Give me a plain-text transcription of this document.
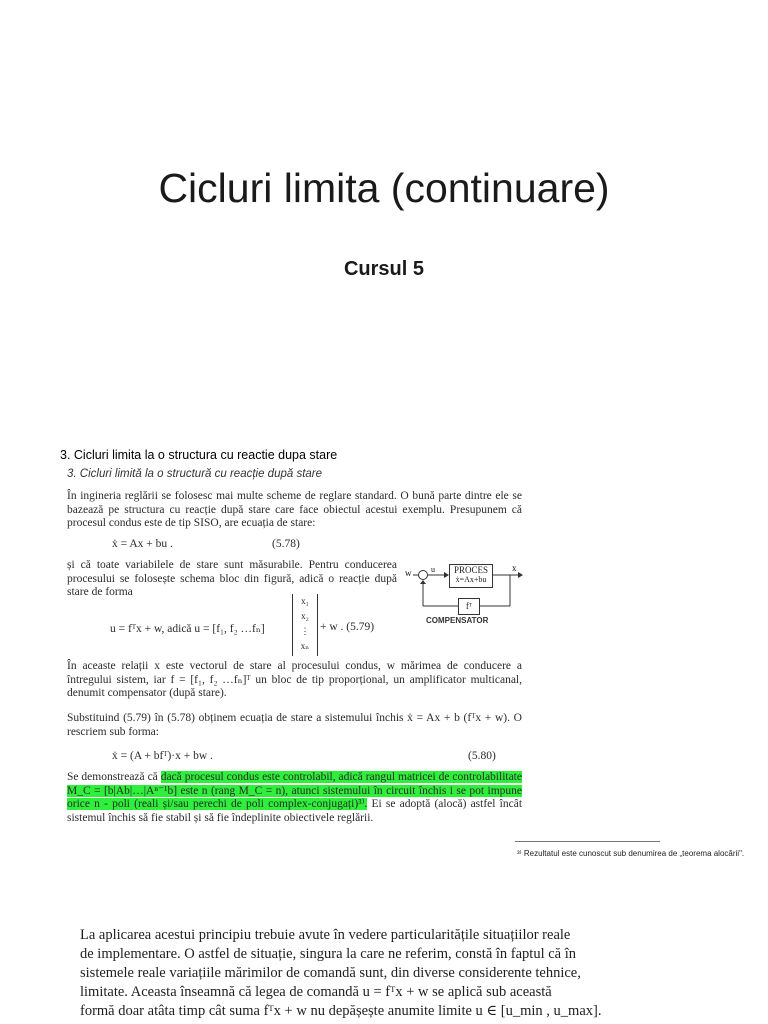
Cicluri limita (continuare)
Cursul 5
3. Cicluri limita la o structura cu reactie dupa stare
3. Cicluri limită la o structură cu reacție după stare
În ingineria reglării se folosesc mai multe scheme de reglare standard. O bună parte dintre ele se bazează pe structura cu reacție după stare care face obiectul acestui exemplu. Presupunem că procesul condus este de tip SISO, are ecuația de stare:
ẋ = Ax + bu .	(5.78)
și că toate variabilele de stare sunt măsurabile. Pentru conducerea procesului se folosește schema bloc din figură, adică o reacție după stare de forma
u = fᵀx + w, adică u = [f₁, f₂ …fₙ]
x₁
x₂
⋮
xₙ
+ w . (5.79)
w u	x
PROCES
ẋ=Ax+bu
fᵀ
COMPENSATOR
În aceaste relații x este vectorul de stare al procesului condus, w mărimea de conducere a întregului sistem, iar f = [f₁, f₂ …fₙ]ᵀ un bloc de tip proporțional, un amplificator multicanal, denumit compensator (după stare).
Substituind (5.79) în (5.78) obținem ecuația de stare a sistemului închis ẋ = Ax + b (fᵀx + w). O rescriem sub forma:
ẋ = (A + bfᵀ)·x + bw .	(5.80)
Se demonstrează că dacă procesul condus este controlabil, adică rangul matricei de controlabilitate M_C = [b|Ab|…|Aⁿ⁻¹b] este n (rang M_C = n), atunci sistemului în circuit închis i se pot impune orice n - poli (reali și/sau perechi de poli complex-conjugați)³⁾. Ei se adoptă (alocă) astfel încât sistemul închis să fie stabil și să fie îndeplinite obiectivele reglării.
³⁾ Rezultatul este cunoscut sub denumirea de „teorema alocării".
La aplicarea acestui principiu trebuie avute în vedere particularitățile situațiilor reale
de implementare. O astfel de situație, singura la care ne referim, constă în faptul că în
sistemele reale variațiile mărimilor de comandă sunt, din diverse considerente tehnice,
limitate. Aceasta înseamnă că legea de comandă u = fᵀx + w se aplică sub această
formă doar atâta timp cât suma fᵀx + w nu depășește anumite limite u ∈ [u_min , u_max].
